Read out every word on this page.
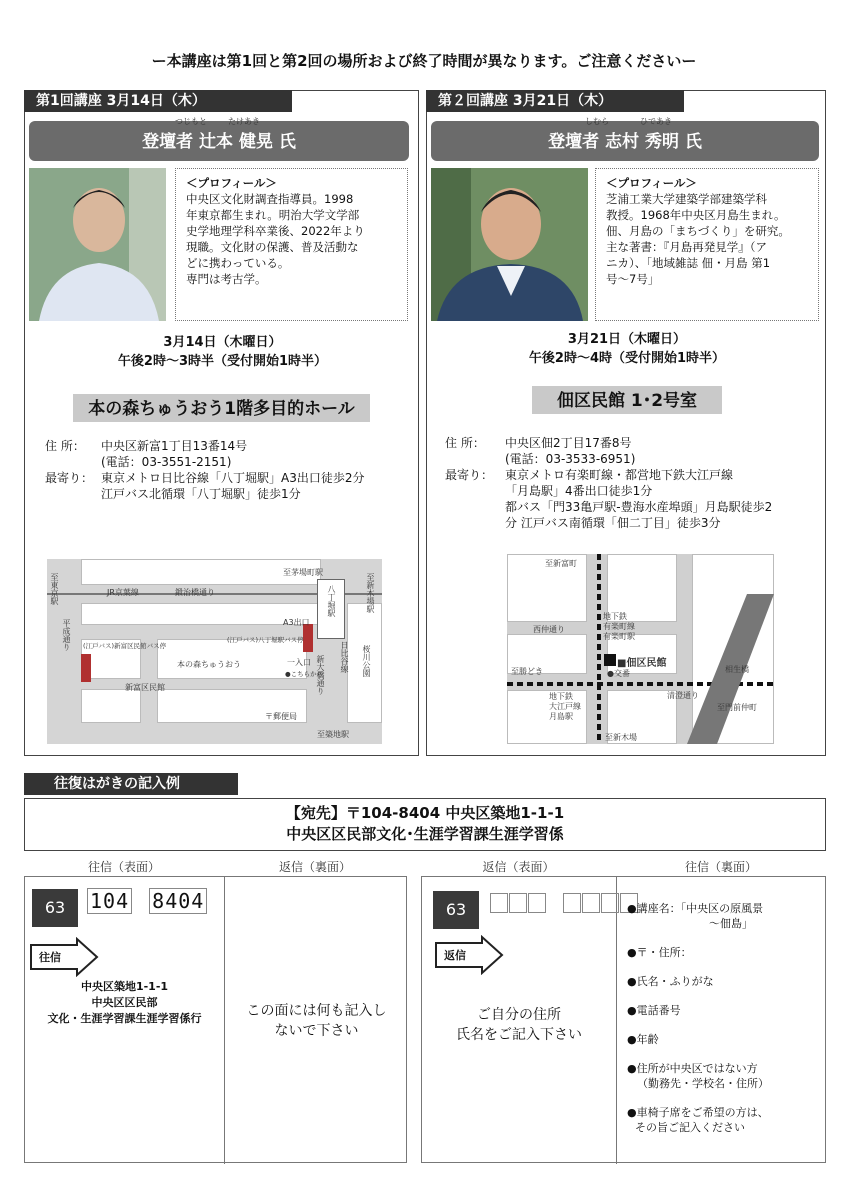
ー本講座は第1回と第2回の場所および終了時間が異なります。ご注意くださいー
第1回講座 3月14日（木）
登壇者 辻本 健晃 氏
つじもと	たけあき
＜プロフィール＞
中央区文化財調査指導員。1998
年東京都生まれ。明治大学文学部
史学地理学科卒業後、2022年より
現職。文化財の保護、普及活動な
どに携わっている。
専門は考古学。
3月14日（木曜日）
午後2時～3時半（受付開始1時半）
本の森ちゅうおう1階多目的ホール
住 所： 中央区新富1丁目13番14号
(電話：03-3551-2151)
最寄り： 東京メトロ日比谷線「八丁堀駅」A3出口徒歩2分
江戸バス北循環「八丁堀駅」徒歩1分
JR京葉線	鍛治橋通り
至茅場町駅
至東京駅	至新木場駅
八丁堀駅
A3出口
平成通り (江戸バス)新富区民館バス停
(江戸バス)八丁堀駅バス停
本の森ちゅうおう	一入口
●こちらから
新大橋通り 日比谷線 桜川公園
新富区民館
〒郵便局
至築地駅
第２回講座 3月21日（木）
登壇者 志村 秀明 氏
しむら	ひであき
＜プロフィール＞
芝浦工業大学建築学部建築学科
教授。1968年中央区月島生まれ。
佃、月島の「まちづくり」を研究。
主な著書：『月島再発見学』（ア
ニカ）、「地域雑誌 佃・月島 第1
号～7号」
3月21日（木曜日）
午後2時～4時（受付開始1時半）
佃区民館 1･2号室
住 所： 中央区佃2丁目17番8号
(電話：03-3533-6951)
最寄り： 東京メトロ有楽町線・都営地下鉄大江戸線
「月島駅」4番出口徒歩1分
都バス「門33亀戸駅-豊海水産埠頭」月島駅徒歩2
分 江戸バス南循環「佃二丁目」徒歩3分
至新富町
西仲通り
地下鉄
有楽町線
有楽町駅
■佃区民館
●交番
至勝どき
地下鉄
大江戸線
月島駅
至新木場
相生橋
清澄通り
至門前仲町
往復はがきの記入例
【宛先】〒104-8404 中央区築地1-1-1
中央区区民部文化･生涯学習課生涯学習係
往信（表面）	返信（裏面）	返信（表面）	往信（裏面）
63	104 8404
往信
中央区築地1-1-1
中央区区民部
文化・生涯学習課生涯学習係行	この面には何も記入し
ないで下さい
63

返信
ご自分の住所
氏名をご記入下さい
●講座名：「中央区の原風景
～佃島」
●〒・住所：
●氏名・ふりがな
●電話番号
●年齢
●住所が中央区ではない方
（勤務先・学校名・住所）
●車椅子席をご希望の方は、
その旨ご記入ください
